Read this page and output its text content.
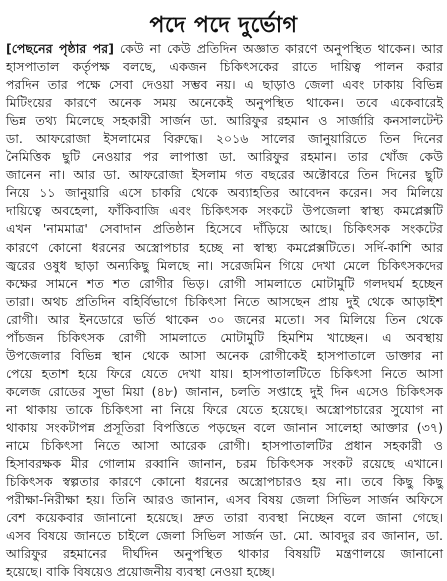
পদে পদে দুর্ভোগ
[পেছনের পৃষ্ঠার পর] কেউ না কেউ প্রতিদিন অজ্ঞাত কারণে অনুপস্থিত থাকেন। আর
হাসপাতাল কর্তৃপক্ষ বলছে, একজন চিকিৎসকের রাতে দায়িত্ব পালন করার
পরদিন তার পক্ষে সেবা দেওয়া সম্ভব নয়। এ ছাড়াও জেলা এবং ঢাকায় বিভিন্ন
মিটিংয়ের কারণে অনেক সময় অনেকেই অনুপস্থিত থাকেন। তবে একেবারেই
ভিন্ন তথ্য মিলেছে সহকারী সার্জন ডা. আরিফুর রহমান ও সার্জারি কনসালটেন্ট
ডা. আফরোজা ইসলামের বিরুদ্ধে। ২০১৬ সালের জানুয়ারিতে তিন দিনের
নৈমিত্তিক ছুটি নেওয়ার পর লাপাত্তা ডা. আরিফুর রহমান। তার খোঁজ কেউ
জানেন না। আর ডা. আফরোজা ইসলাম গত বছরের অক্টোবরে তিন দিনের ছুটি
নিয়ে ১১ জানুয়ারি এসে চাকরি থেকে অব্যাহতির আবেদন করেন। সব মিলিয়ে
দায়িত্বে অবহেলা, ফাঁকিবাজি এবং চিকিৎসক সংকটে উপজেলা স্বাস্থ্য কমপ্লেক্সটি
এখন 'নামমাত্র' সেবাদান প্রতিষ্ঠান হিসেবে দাঁড়িয়ে আছে। চিকিৎসক সংকটের
কারণে কোনো ধরনের অস্ত্রোপচার হচ্ছে না স্বাস্থ্য কমপ্লেক্সটিতে। সর্দি-কাশি আর
জ্বরের ওষুধ ছাড়া অন্যকিছু মিলছে না। সরেজমিন গিয়ে দেখা মেলে চিকিৎসকদের
কক্ষের সামনে শত শত রোগীর ভিড়। রোগী সামলাতে মোটামুটি গলদঘর্ম হচ্ছেন
তারা। অথচ প্রতিদিন বহির্বিভাগে চিকিৎসা নিতে আসছেন প্রায় দুই থেকে আড়াইশ
রোগী। আর ইনডোরে ভর্তি থাকেন ৩০ জনের মতো। সব মিলিয়ে তিন থেকে
পাঁচজন চিকিৎসক রোগী সামলাতে মোটামুটি হিমশিম খাচ্ছেন। এ অবস্থায়
উপজেলার বিভিন্ন স্থান থেকে আসা অনেক রোগীকেই হাসপাতালে ডাক্তার না
পেয়ে হতাশ হয়ে ফিরে যেতে দেখা যায়। হাসপাতালটিতে চিকিৎসা নিতে আসা
কলেজ রোডের সুভা মিয়া (৪৮) জানান, চলতি সপ্তাহে দুই দিন এসেও চিকিৎসক
না থাকায় তাকে চিকিৎসা না নিয়ে ফিরে যেতে হয়েছে। অস্ত্রোপচারের সুযোগ না
থাকায় সংকটাপন্ন প্রসূতিরা বিপত্তিতে পড়ছেন বলে জানান সালেহা আক্তার (৩৭)
নামে চিকিৎসা নিতে আসা আরেক রোগী। হাসপাতালটির প্রধান সহকারী ও
হিসাবরক্ষক মীর গোলাম রব্বানি জানান, চরম চিকিৎসক সংকট রয়েছে এখানে।
চিকিৎসক স্বল্পতার কারণে কোনো ধরনের অস্ত্রোপচারও হয় না। তবে কিছু কিছু
পরীক্ষা-নিরীক্ষা হয়। তিনি আরও জানান, এসব বিষয় জেলা সিভিল সার্জন অফিসে
বেশ কয়েকবার জানানো হয়েছে। দ্রুত তারা ব্যবস্থা নিচ্ছেন বলে জানা গেছে।
এসব বিষয়ে জানতে চাইলে জেলা সিভিল সার্জন ডা. মো. আবদুর রব জানান, ডা.
আরিফুর রহমানের দীর্ঘদিন অনুপস্থিত থাকার বিষয়টি মন্ত্রণালয়ে জানানো
হয়েছে। বাকি বিষয়েও প্রয়োজনীয় ব্যবস্থা নেওয়া হচ্ছে।
